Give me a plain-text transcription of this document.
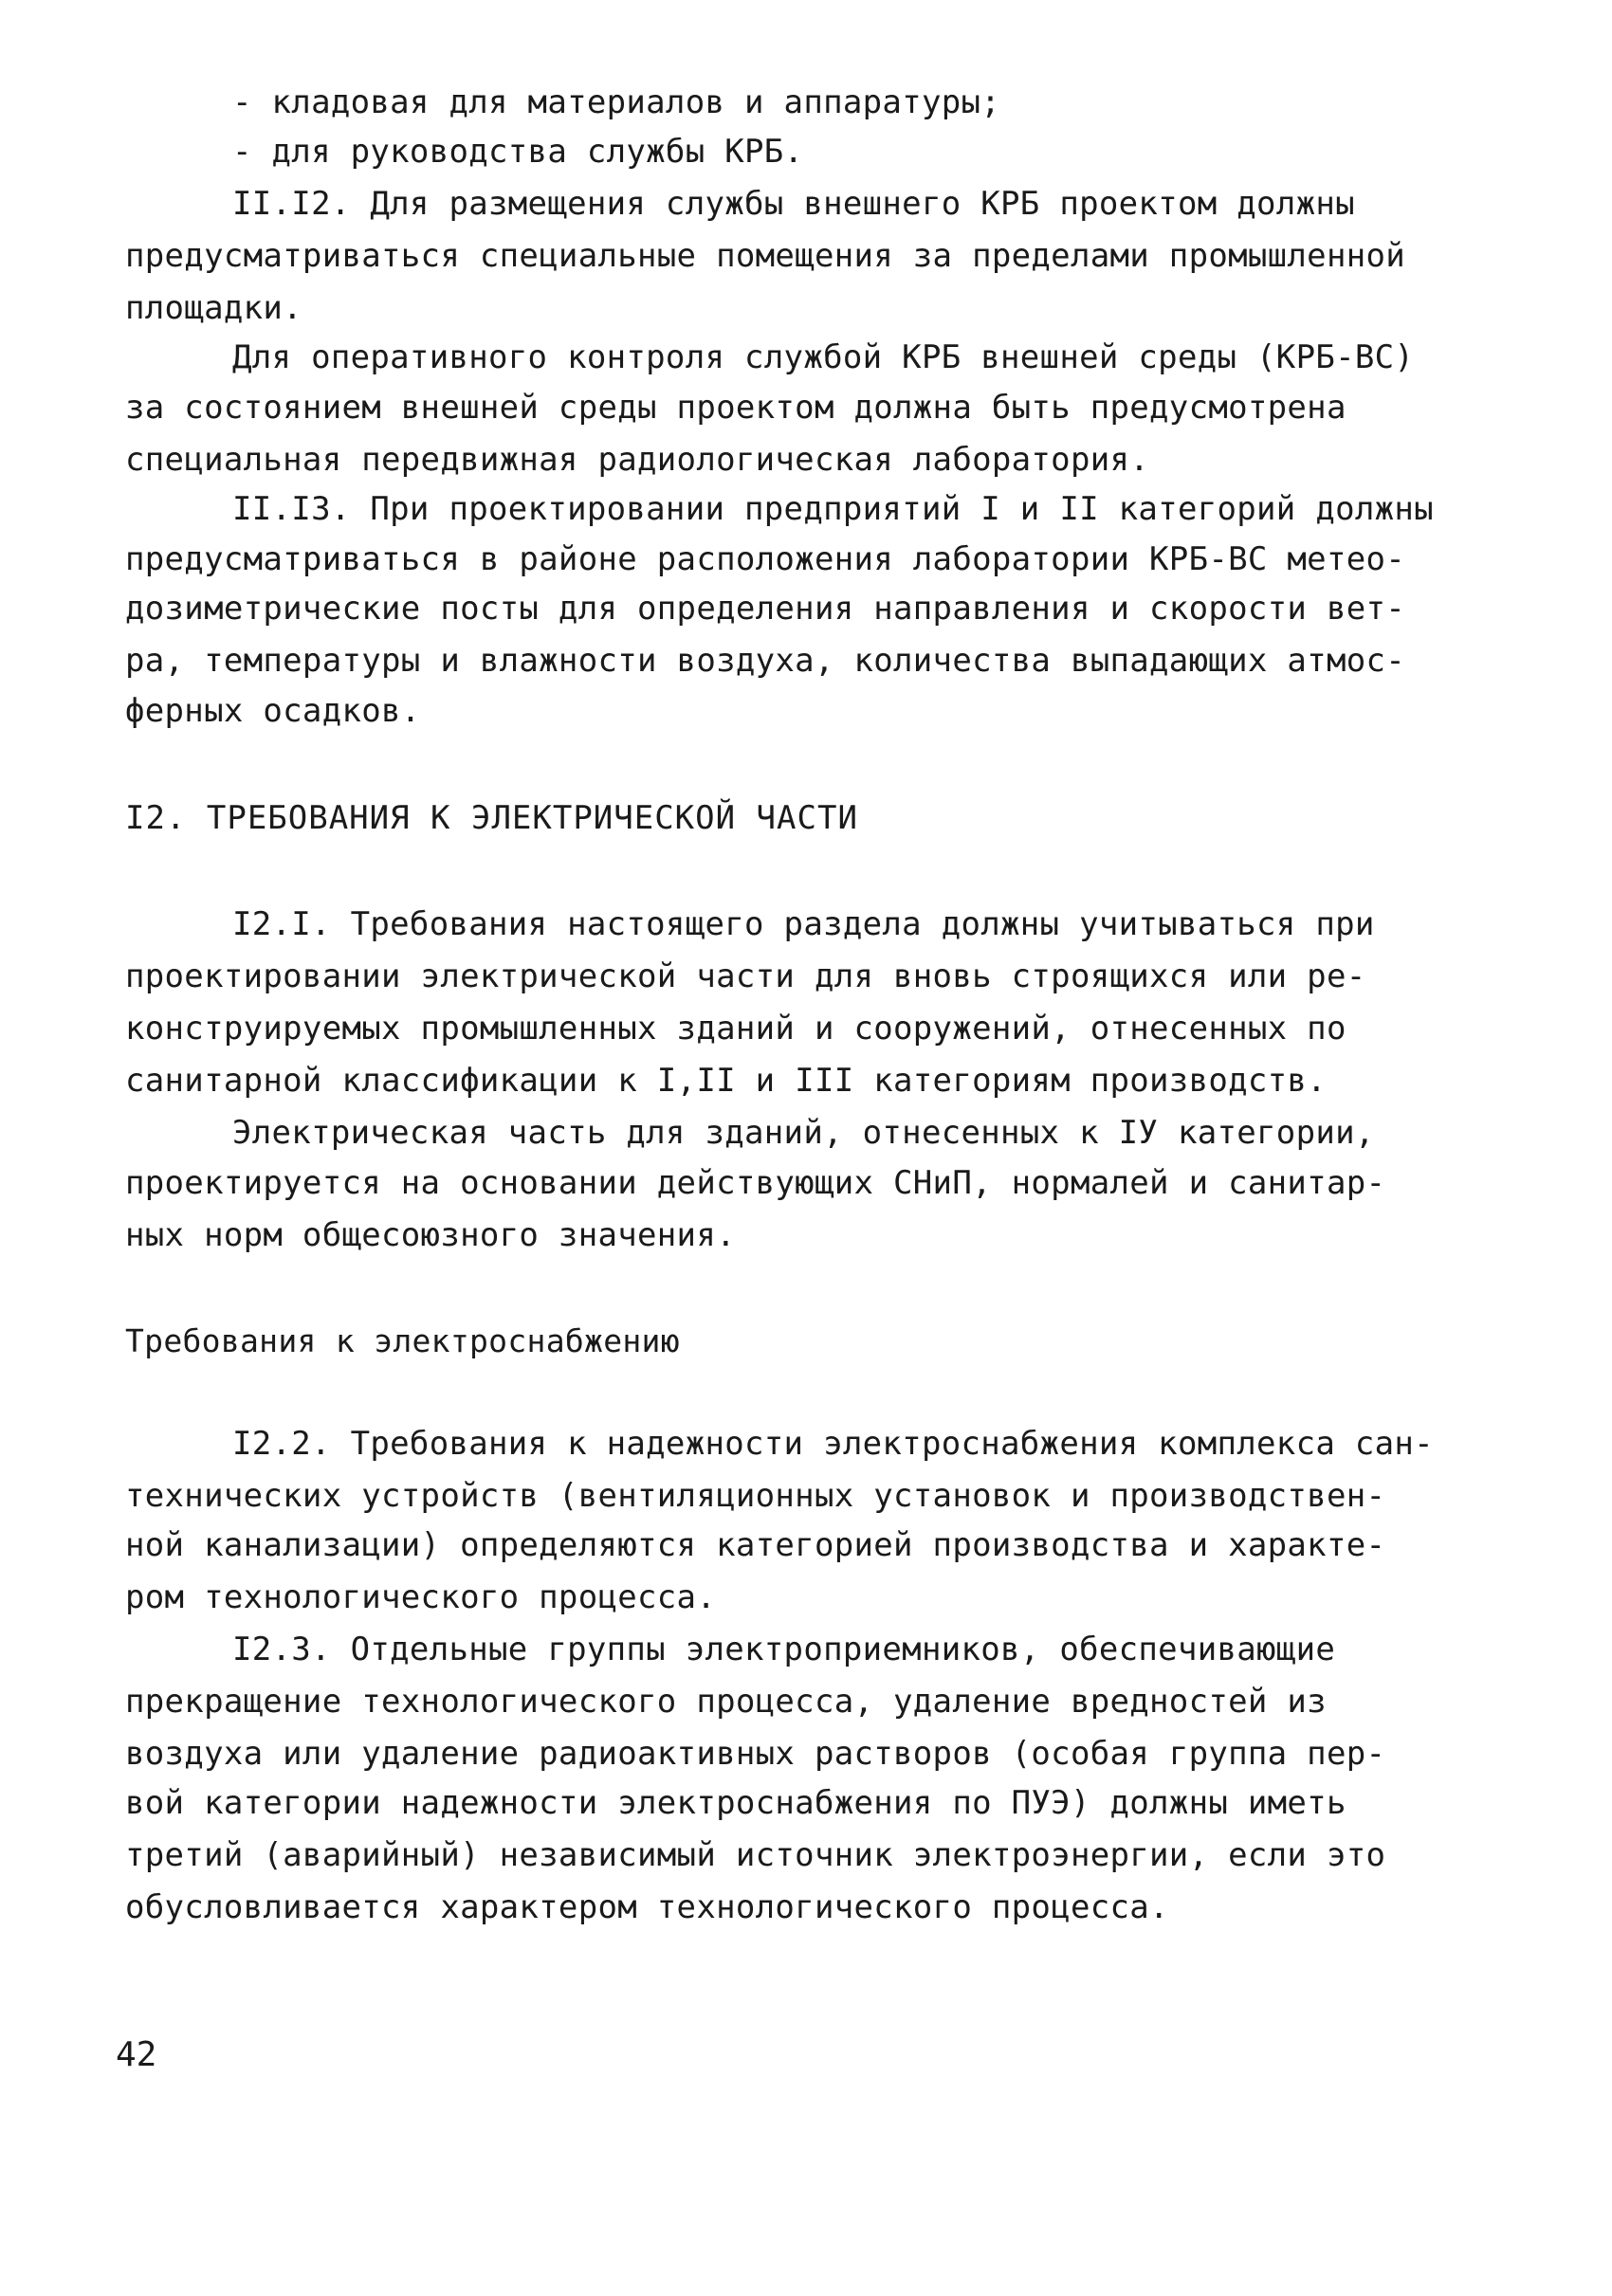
- кладовая для материалов и аппаратуры;
- для руководства службы КРБ.
II.I2. Для размещения службы внешнего КРБ проектом должны
предусматриваться специальные помещения за пределами промышленной
площадки.
Для оперативного контроля службой КРБ внешней среды (КРБ-ВС)
за состоянием внешней среды проектом должна быть предусмотрена
специальная передвижная радиологическая лаборатория.
II.I3. При проектировании предприятий I и II категорий должны
предусматриваться в районе расположения лаборатории КРБ-ВС метео-
дозиметрические посты для определения направления и скорости вет-
ра, температуры и влажности воздуха, количества выпадающих атмос-
ферных осадков.
I2. ТРЕБОВАНИЯ К ЭЛЕКТРИЧЕСКОЙ ЧАСТИ
I2.I. Требования настоящего раздела должны учитываться при
проектировании электрической части для вновь строящихся или ре-
конструируемых промышленных зданий и сооружений, отнесенных по
санитарной классификации к I,II и III категориям производств.
Электрическая часть для зданий, отнесенных к IУ категории,
проектируется на основании действующих СНиП, нормалей и санитар-
ных норм общесоюзного значения.
Требования к электроснабжению
I2.2. Требования к надежности электроснабжения комплекса сан-
технических устройств (вентиляционных установок и производствен-
ной канализации) определяются категорией производства и характе-
ром технологического процесса.
I2.3. Отдельные группы электроприемников, обеспечивающие
прекращение технологического процесса, удаление вредностей из
воздуха или удаление радиоактивных растворов (особая группа пер-
вой категории надежности электроснабжения по ПУЭ) должны иметь
третий (аварийный) независимый источник электроэнергии, если это
обусловливается характером технологического процесса.
42
